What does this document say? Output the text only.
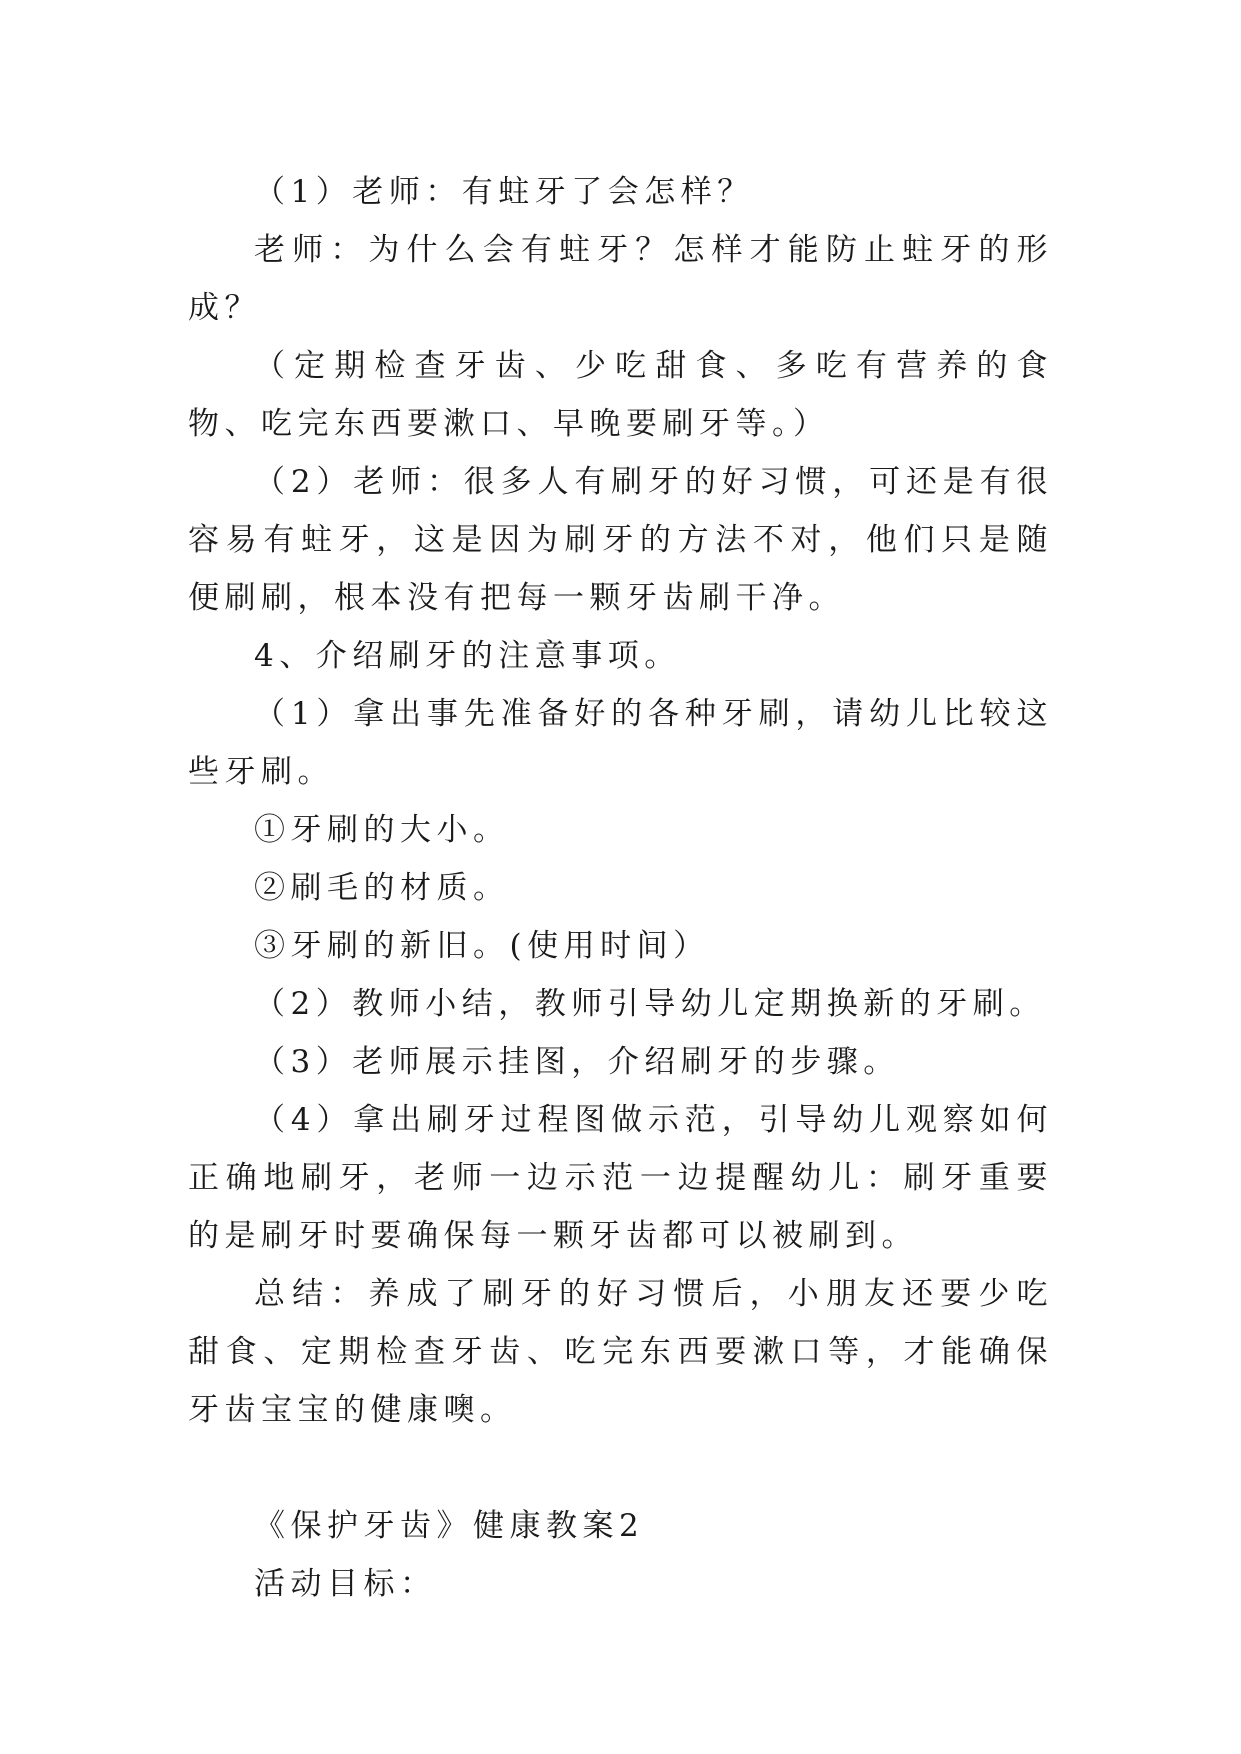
（1）老师：有蛀牙了会怎样？

老师：为什么会有蛀牙？怎样才能防止蛀牙的形成？

（定期检查牙齿、少吃甜食、多吃有营养的食物、吃完东西要漱口、早晚要刷牙等。）

（2）老师：很多人有刷牙的好习惯，可还是有很容易有蛀牙，这是因为刷牙的方法不对，他们只是随便刷刷，根本没有把每一颗牙齿刷干净。

4、介绍刷牙的注意事项。

（1）拿出事先准备好的各种牙刷，请幼儿比较这些牙刷。

①牙刷的大小。

②刷毛的材质。

③牙刷的新旧。(使用时间）

（2）教师小结，教师引导幼儿定期换新的牙刷。

（3）老师展示挂图，介绍刷牙的步骤。

（4）拿出刷牙过程图做示范，引导幼儿观察如何正确地刷牙，老师一边示范一边提醒幼儿：刷牙重要的是刷牙时要确保每一颗牙齿都可以被刷到。

总结：养成了刷牙的好习惯后，小朋友还要少吃甜食、定期检查牙齿、吃完东西要漱口等，才能确保牙齿宝宝的健康噢。

《保护牙齿》健康教案2

活动目标：
